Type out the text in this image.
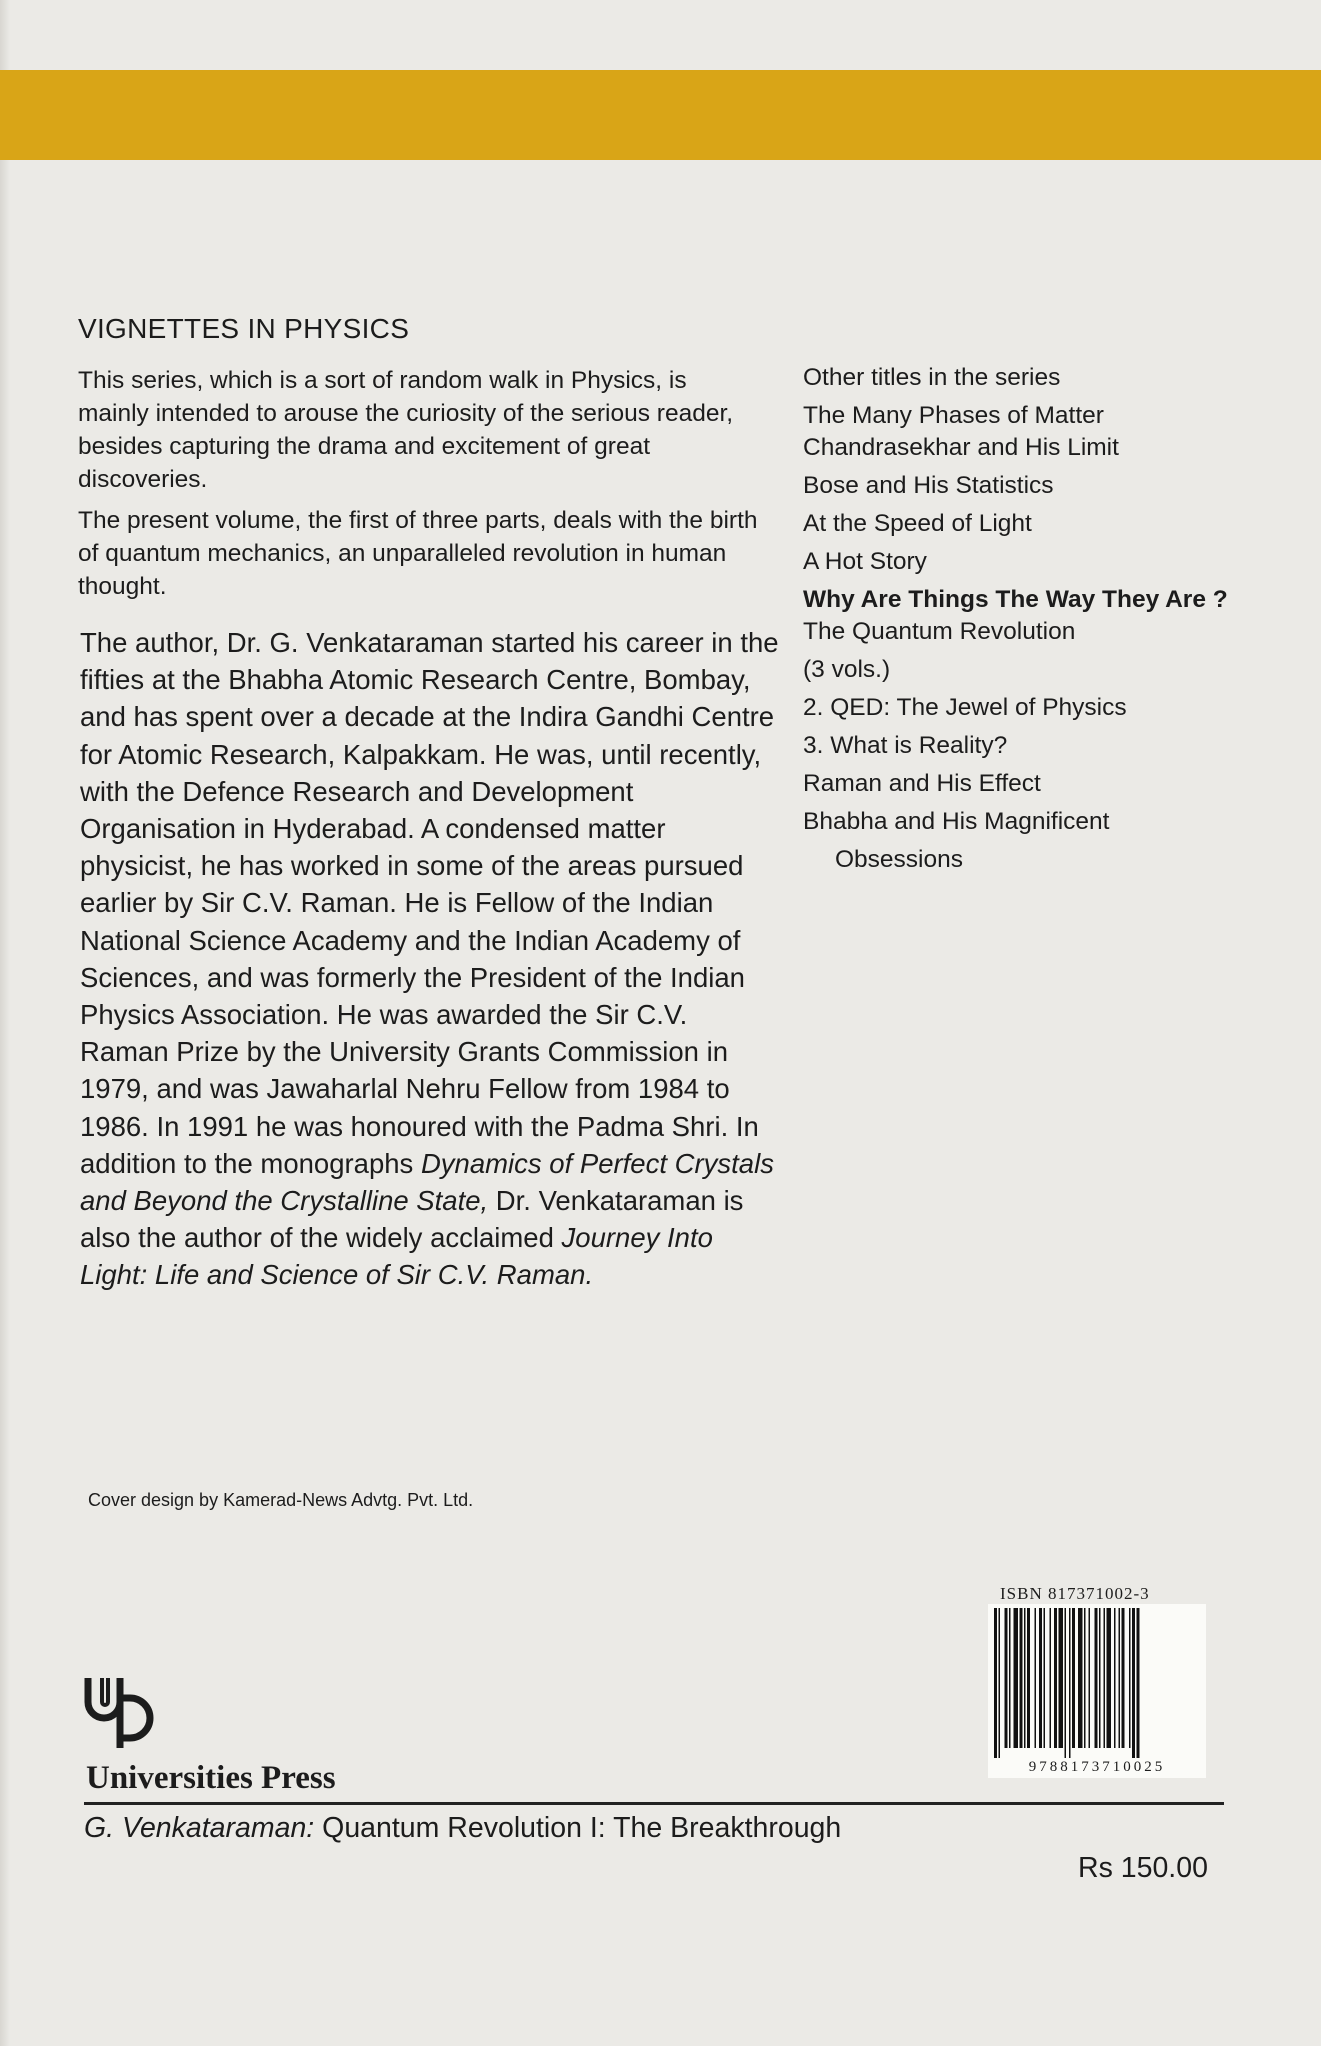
VIGNETTES IN PHYSICS

This series, which is a sort of random walk in Physics, is mainly intended to arouse the curiosity of the serious reader, besides capturing the drama and excitement of great discoveries.

The present volume, the first of three parts, deals with the birth of quantum mechanics, an unparalleled revolution in human thought.

The author, Dr. G. Venkataraman started his career in the fifties at the Bhabha Atomic Research Centre, Bombay, and has spent over a decade at the Indira Gandhi Centre for Atomic Research, Kalpakkam. He was, until recently, with the Defence Research and Development Organisation in Hyderabad. A condensed matter physicist, he has worked in some of the areas pursued earlier by Sir C.V. Raman. He is Fellow of the Indian National Science Academy and the Indian Academy of Sciences, and was formerly the President of the Indian Physics Association. He was awarded the Sir C.V. Raman Prize by the University Grants Commission in 1979, and was Jawaharlal Nehru Fellow from 1984 to 1986. In 1991 he was honoured with the Padma Shri. In addition to the monographs Dynamics of Perfect Crystals and Beyond the Crystalline State, Dr. Venkataraman is also the author of the widely acclaimed Journey Into Light: Life and Science of Sir C.V. Raman.

Other titles in the series

The Many Phases of Matter

Chandrasekhar and His Limit

Bose and His Statistics

At the Speed of Light

A Hot Story

Why Are Things The Way They Are ?

The Quantum Revolution

(3 vols.)

2. QED: The Jewel of Physics

3. What is Reality?

Raman and His Effect

Bhabha and His Magnificent

Obsessions

Cover design by Kamerad-News Advtg. Pvt. Ltd.

ISBN 817371002-3

9788173710025

Universities Press

G. Venkataraman: Quantum Revolution I: The Breakthrough

Rs 150.00
